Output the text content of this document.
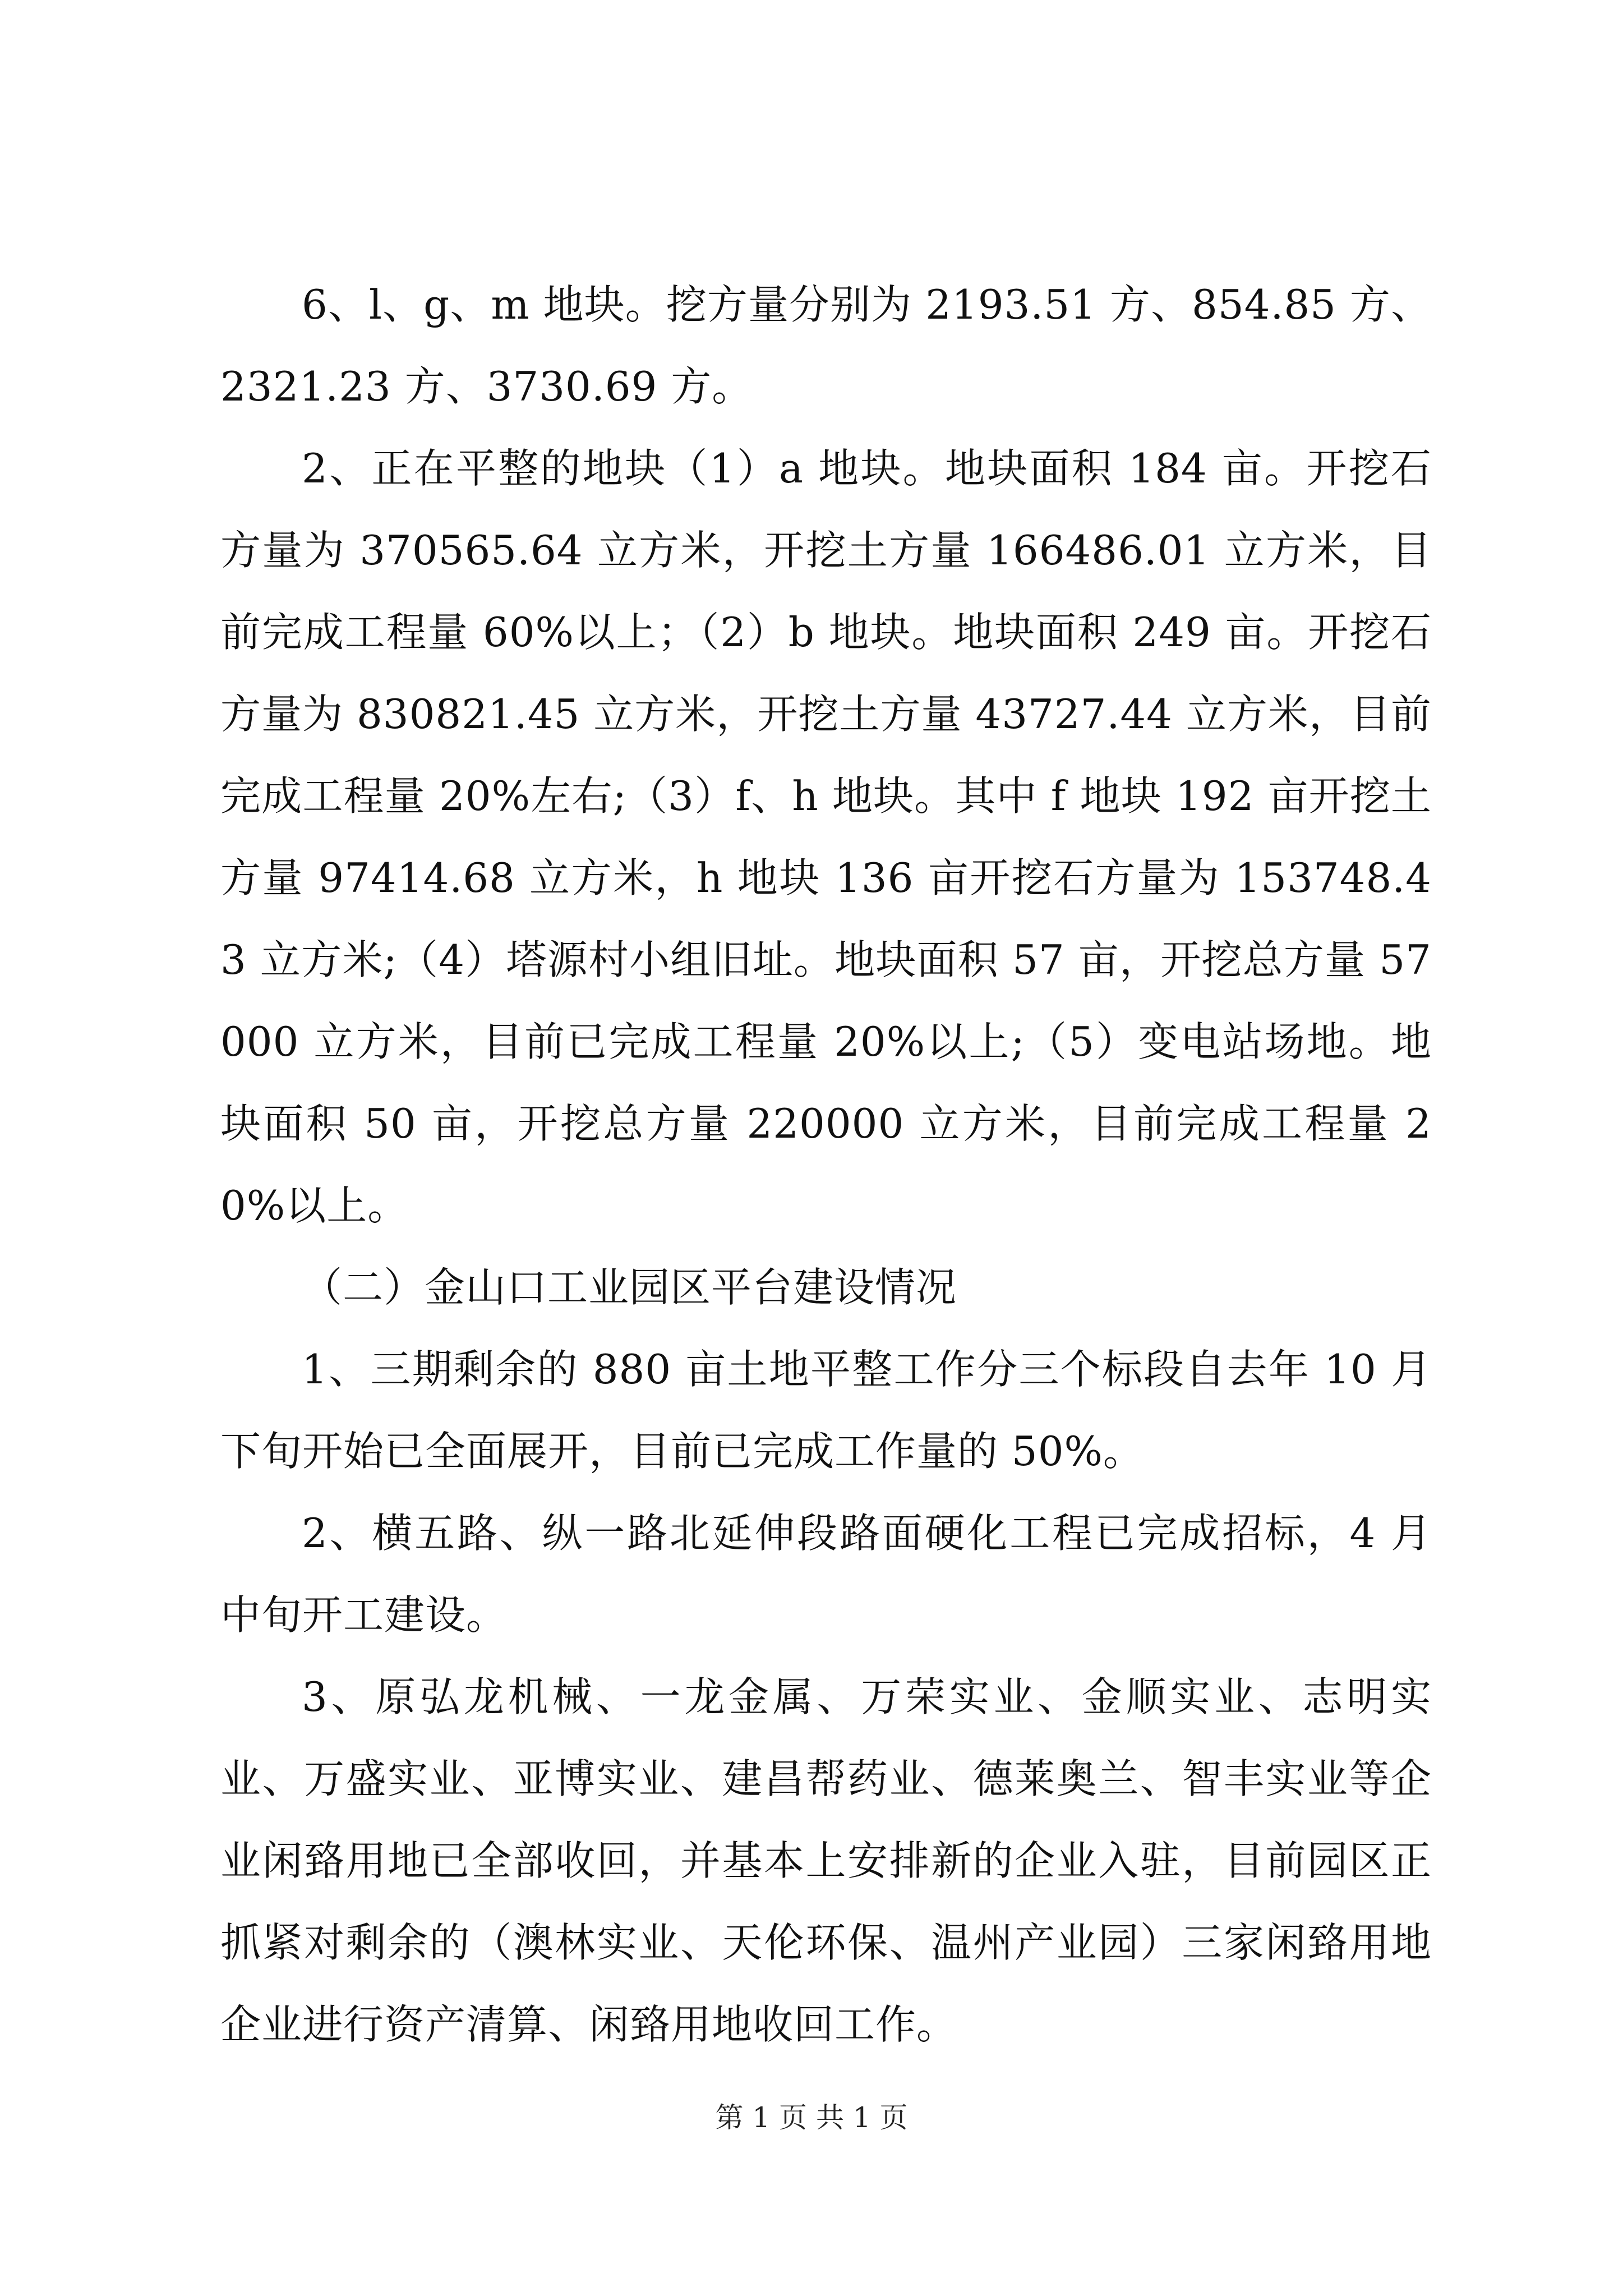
6、l、g、m 地块。挖方量分别为 2193.51 方、854.85 方、2321.23 方、3730.69 方。

2、正在平整的地块（1）a 地块。地块面积 184 亩。开挖石方量为 370565.64 立方米，开挖土方量 166486.01 立方米，目前完成工程量 60%以上；（2）b 地块。地块面积 249 亩。开挖石方量为 830821.45 立方米，开挖土方量 43727.44 立方米，目前完成工程量 20%左右;（3）f、h 地块。其中 f 地块 192 亩开挖土方量 97414.68 立方米，h 地块 136 亩开挖石方量为 153748.43 立方米;（4）塔源村小组旧址。地块面积 57 亩，开挖总方量 57000 立方米，目前已完成工程量 20%以上;（5）变电站场地。地块面积 50 亩，开挖总方量 220000 立方米，目前完成工程量 20%以上。

（二）金山口工业园区平台建设情况

1、三期剩余的 880 亩土地平整工作分三个标段自去年 10 月下旬开始已全面展开，目前已完成工作量的 50%。

2、横五路、纵一路北延伸段路面硬化工程已完成招标，4 月中旬开工建设。

3、原弘龙机械、一龙金属、万荣实业、金顺实业、志明实业、万盛实业、亚博实业、建昌帮药业、德莱奥兰、智丰实业等企业闲臵用地已全部收回，并基本上安排新的企业入驻，目前园区正抓紧对剩余的（澳林实业、天伦环保、温州产业园）三家闲臵用地企业进行资产清算、闲臵用地收回工作。

第 1 页 共 1 页
